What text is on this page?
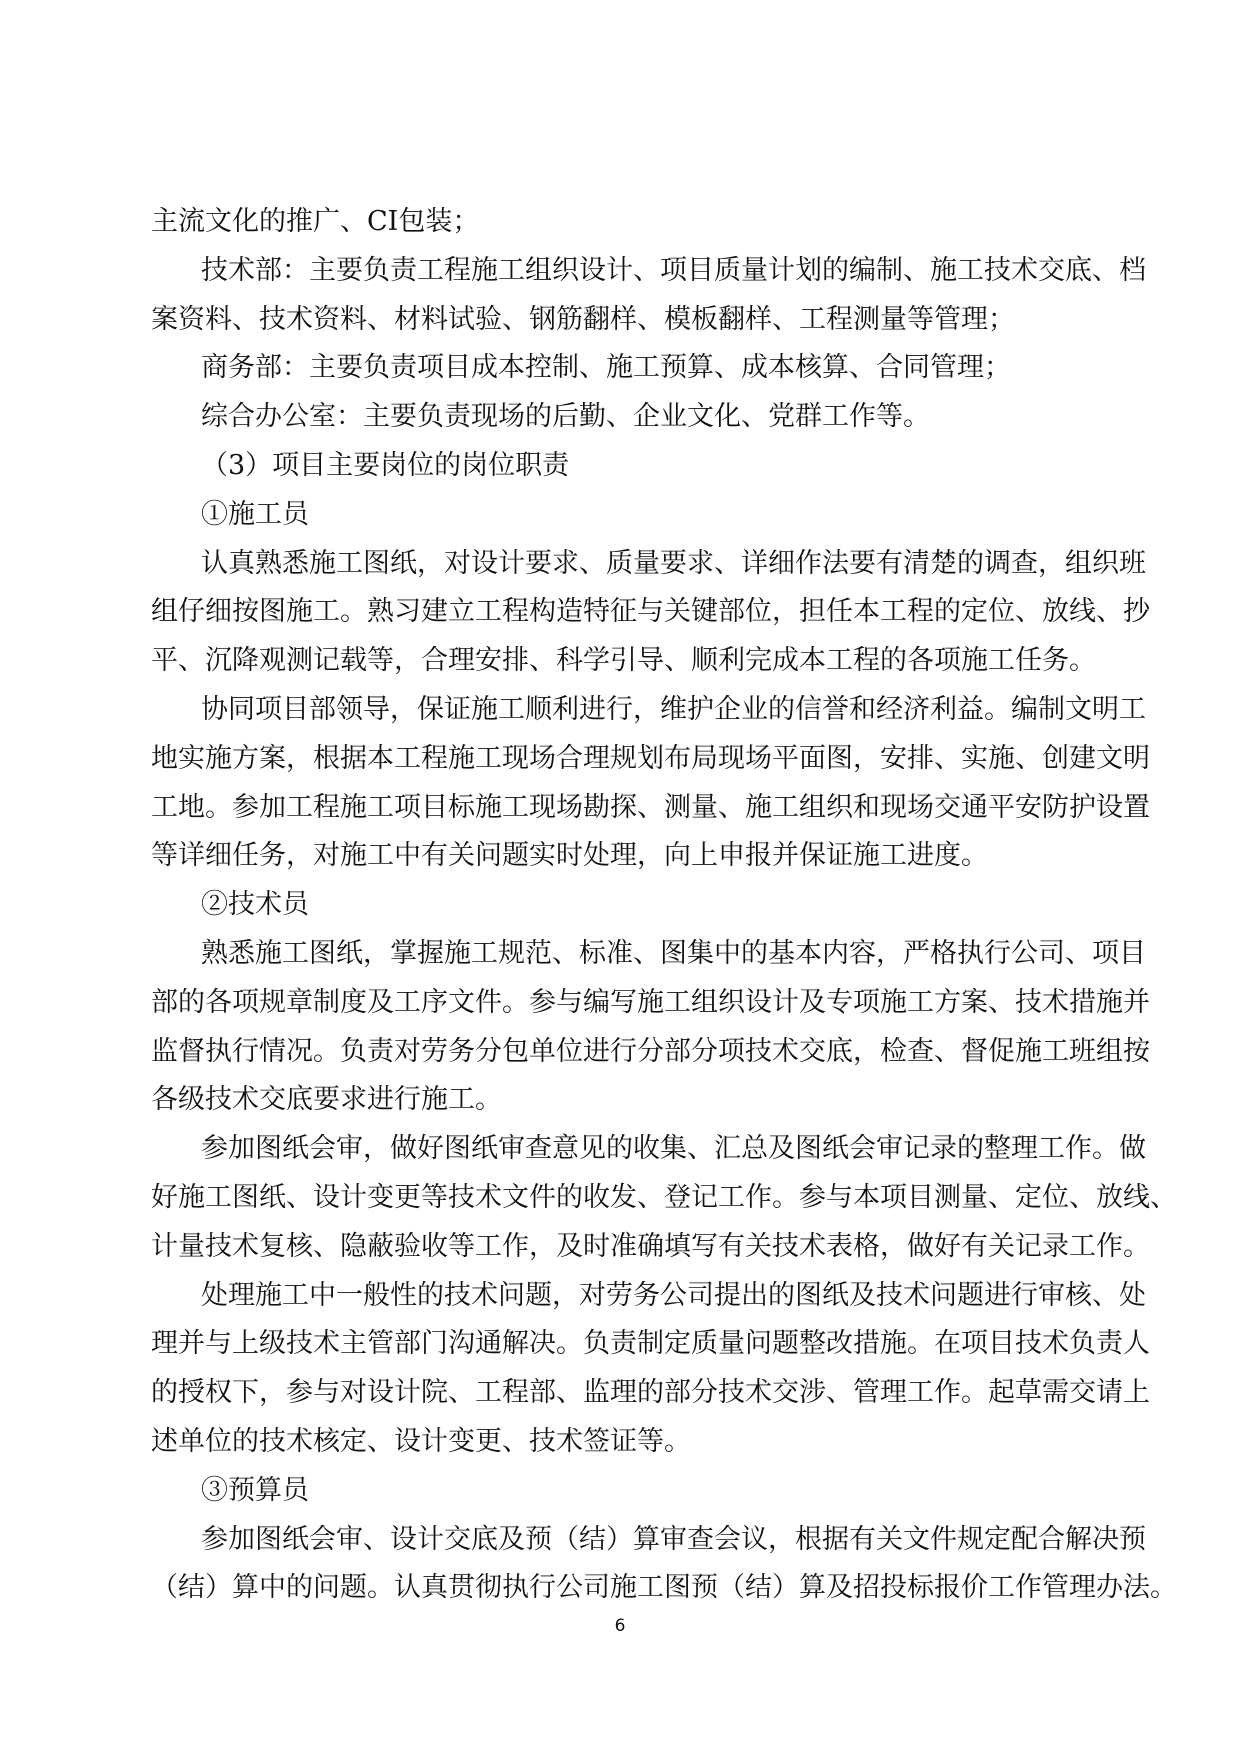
主流文化的推广、CI包装；
技术部：主要负责工程施工组织设计、项目质量计划的编制、施工技术交底、档
案资料、技术资料、材料试验、钢筋翻样、模板翻样、工程测量等管理；
商务部：主要负责项目成本控制、施工预算、成本核算、合同管理；
综合办公室：主要负责现场的后勤、企业文化、党群工作等。
（3）项目主要岗位的岗位职责
①施工员
认真熟悉施工图纸，对设计要求、质量要求、详细作法要有清楚的调查，组织班
组仔细按图施工。熟习建立工程构造特征与关键部位，担任本工程的定位、放线、抄
平、沉降观测记载等，合理安排、科学引导、顺利完成本工程的各项施工任务。
协同项目部领导，保证施工顺利进行，维护企业的信誉和经济利益。编制文明工
地实施方案，根据本工程施工现场合理规划布局现场平面图，安排、实施、创建文明
工地。参加工程施工项目标施工现场勘探、测量、施工组织和现场交通平安防护设置
等详细任务，对施工中有关问题实时处理，向上申报并保证施工进度。
②技术员
熟悉施工图纸，掌握施工规范、标准、图集中的基本内容，严格执行公司、项目
部的各项规章制度及工序文件。参与编写施工组织设计及专项施工方案、技术措施并
监督执行情况。负责对劳务分包单位进行分部分项技术交底，检查、督促施工班组按
各级技术交底要求进行施工。
参加图纸会审，做好图纸审查意见的收集、汇总及图纸会审记录的整理工作。做
好施工图纸、设计变更等技术文件的收发、登记工作。参与本项目测量、定位、放线、
计量技术复核、隐蔽验收等工作，及时准确填写有关技术表格，做好有关记录工作。
处理施工中一般性的技术问题，对劳务公司提出的图纸及技术问题进行审核、处
理并与上级技术主管部门沟通解决。负责制定质量问题整改措施。在项目技术负责人
的授权下，参与对设计院、工程部、监理的部分技术交涉、管理工作。起草需交请上
述单位的技术核定、设计变更、技术签证等。
③预算员
参加图纸会审、设计交底及预（结）算审查会议，根据有关文件规定配合解决预
（结）算中的问题。认真贯彻执行公司施工图预（结）算及招投标报价工作管理办法。
6
